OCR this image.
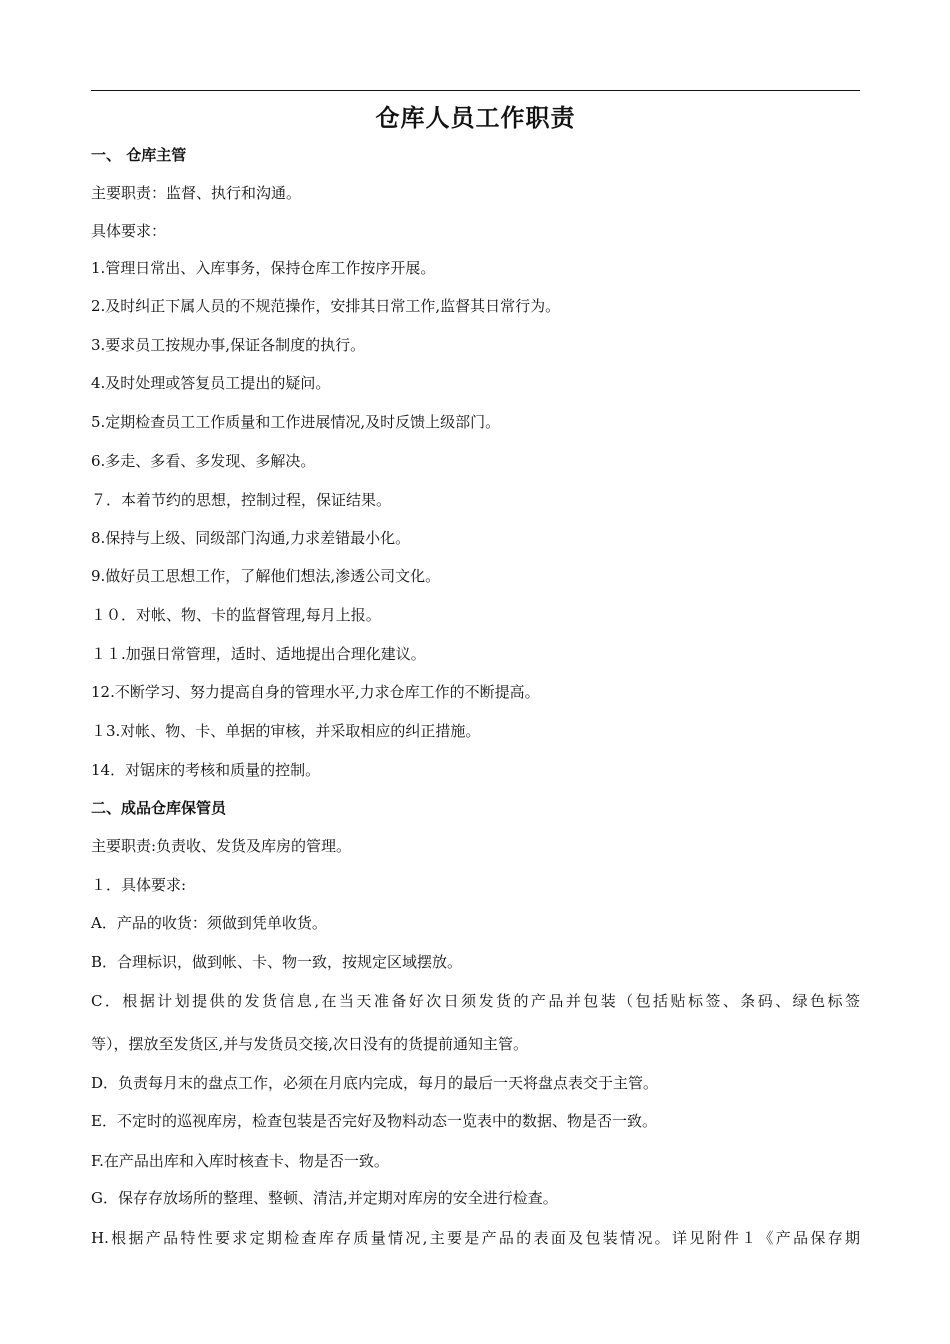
仓库人员工作职责
一、 仓库主管
主要职责：监督、执行和沟通。
具体要求：
1.管理日常出、入库事务，保持仓库工作按序开展。
2.及时纠正下属人员的不规范操作，安排其日常工作,监督其日常行为。
3.要求员工按规办事,保证各制度的执行。
4.及时处理或答复员工提出的疑问。
5.定期检查员工工作质量和工作进展情况,及时反馈上级部门。
6.多走、多看、多发现、多解决。
７．本着节约的思想，控制过程，保证结果。
8.保持与上级、同级部门沟通,力求差错最小化。
9.做好员工思想工作，了解他们想法,渗透公司文化。
１０．对帐、物、卡的监督管理,每月上报。
１１.加强日常管理，适时、适地提出合理化建议。
12.不断学习、努力提高自身的管理水平,力求仓库工作的不断提高。
１3.对帐、物、卡、单据的审核，并采取相应的纠正措施。
14．对锯床的考核和质量的控制。
二、成品仓库保管员
主要职责:负责收、发货及库房的管理。
１．具体要求:
A．产品的收货：须做到凭单收货。
B．合理标识，做到帐、卡、物一致，按规定区域摆放。
C．根据计划提供的发货信息,在当天准备好次日须发货的产品并包装（包括贴标签、条码、绿色标签
等），摆放至发货区,并与发货员交接,次日没有的货提前通知主管。
D．负责每月末的盘点工作，必须在月底内完成，每月的最后一天将盘点表交于主管。
E．不定时的巡视库房，检查包装是否完好及物料动态一览表中的数据、物是否一致。
F.在产品出库和入库时核查卡、物是否一致。
G．保存存放场所的整理、整顿、清洁,并定期对库房的安全进行检查。
H.根据产品特性要求定期检查库存质量情况,主要是产品的表面及包装情况。详见附件１《产品保存期
